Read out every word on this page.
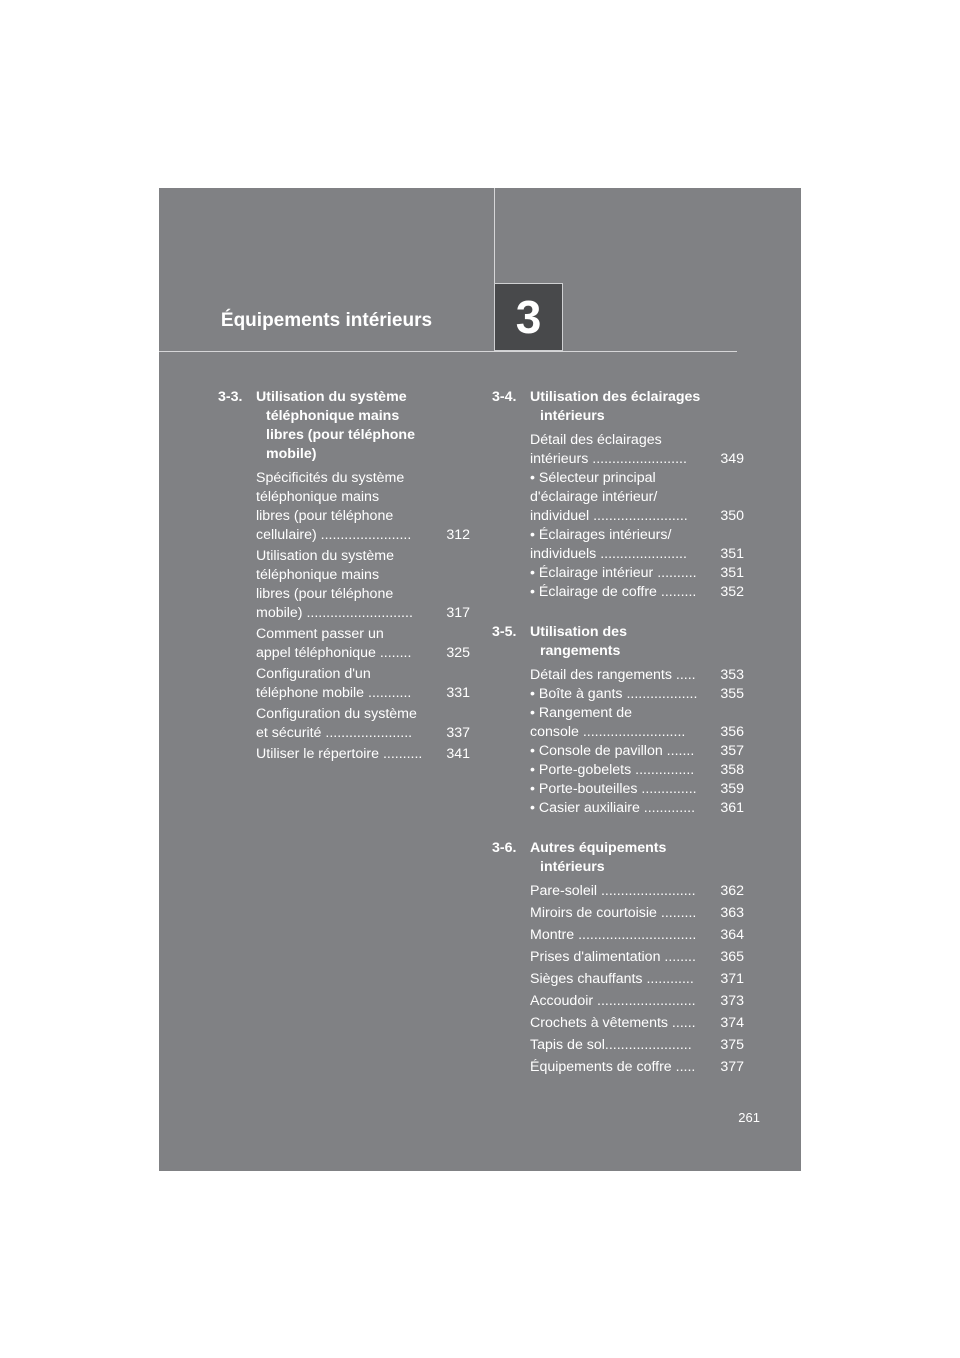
Équipements intérieurs	3
3-3. Utilisation du système
téléphonique mains
libres (pour téléphone
mobile)
Spécificités du système
téléphonique mains
libres (pour téléphone
cellulaire) .......................	312
Utilisation du système
téléphonique mains
libres (pour téléphone
mobile) ...........................	317
Comment passer un
appel téléphonique ........	325
Configuration d'un
téléphone mobile ...........	331
Configuration du système
et sécurité ......................	337
Utiliser le répertoire ..........	341
3-4. Utilisation des éclairages
intérieurs
Détail des éclairages
intérieurs ........................	349
• Sélecteur principal
d'éclairage intérieur/
individuel ........................	350
• Éclairages intérieurs/
individuels ......................	351
• Éclairage intérieur ..........	351
• Éclairage de coffre .........	352
3-5. Utilisation des
rangements
Détail des rangements .....	353
• Boîte à gants ..................	355
• Rangement de
console ..........................	356
• Console de pavillon .......	357
• Porte-gobelets ...............	358
• Porte-bouteilles ..............	359
• Casier auxiliaire .............	361
3-6. Autres équipements
intérieurs
Pare-soleil ........................	362
Miroirs de courtoisie .........	363
Montre ..............................	364
Prises d'alimentation ........	365
Sièges chauffants ............	371
Accoudoir .........................	373
Crochets à vêtements ......	374
Tapis de sol......................	375
Équipements de coffre .....	377
261
